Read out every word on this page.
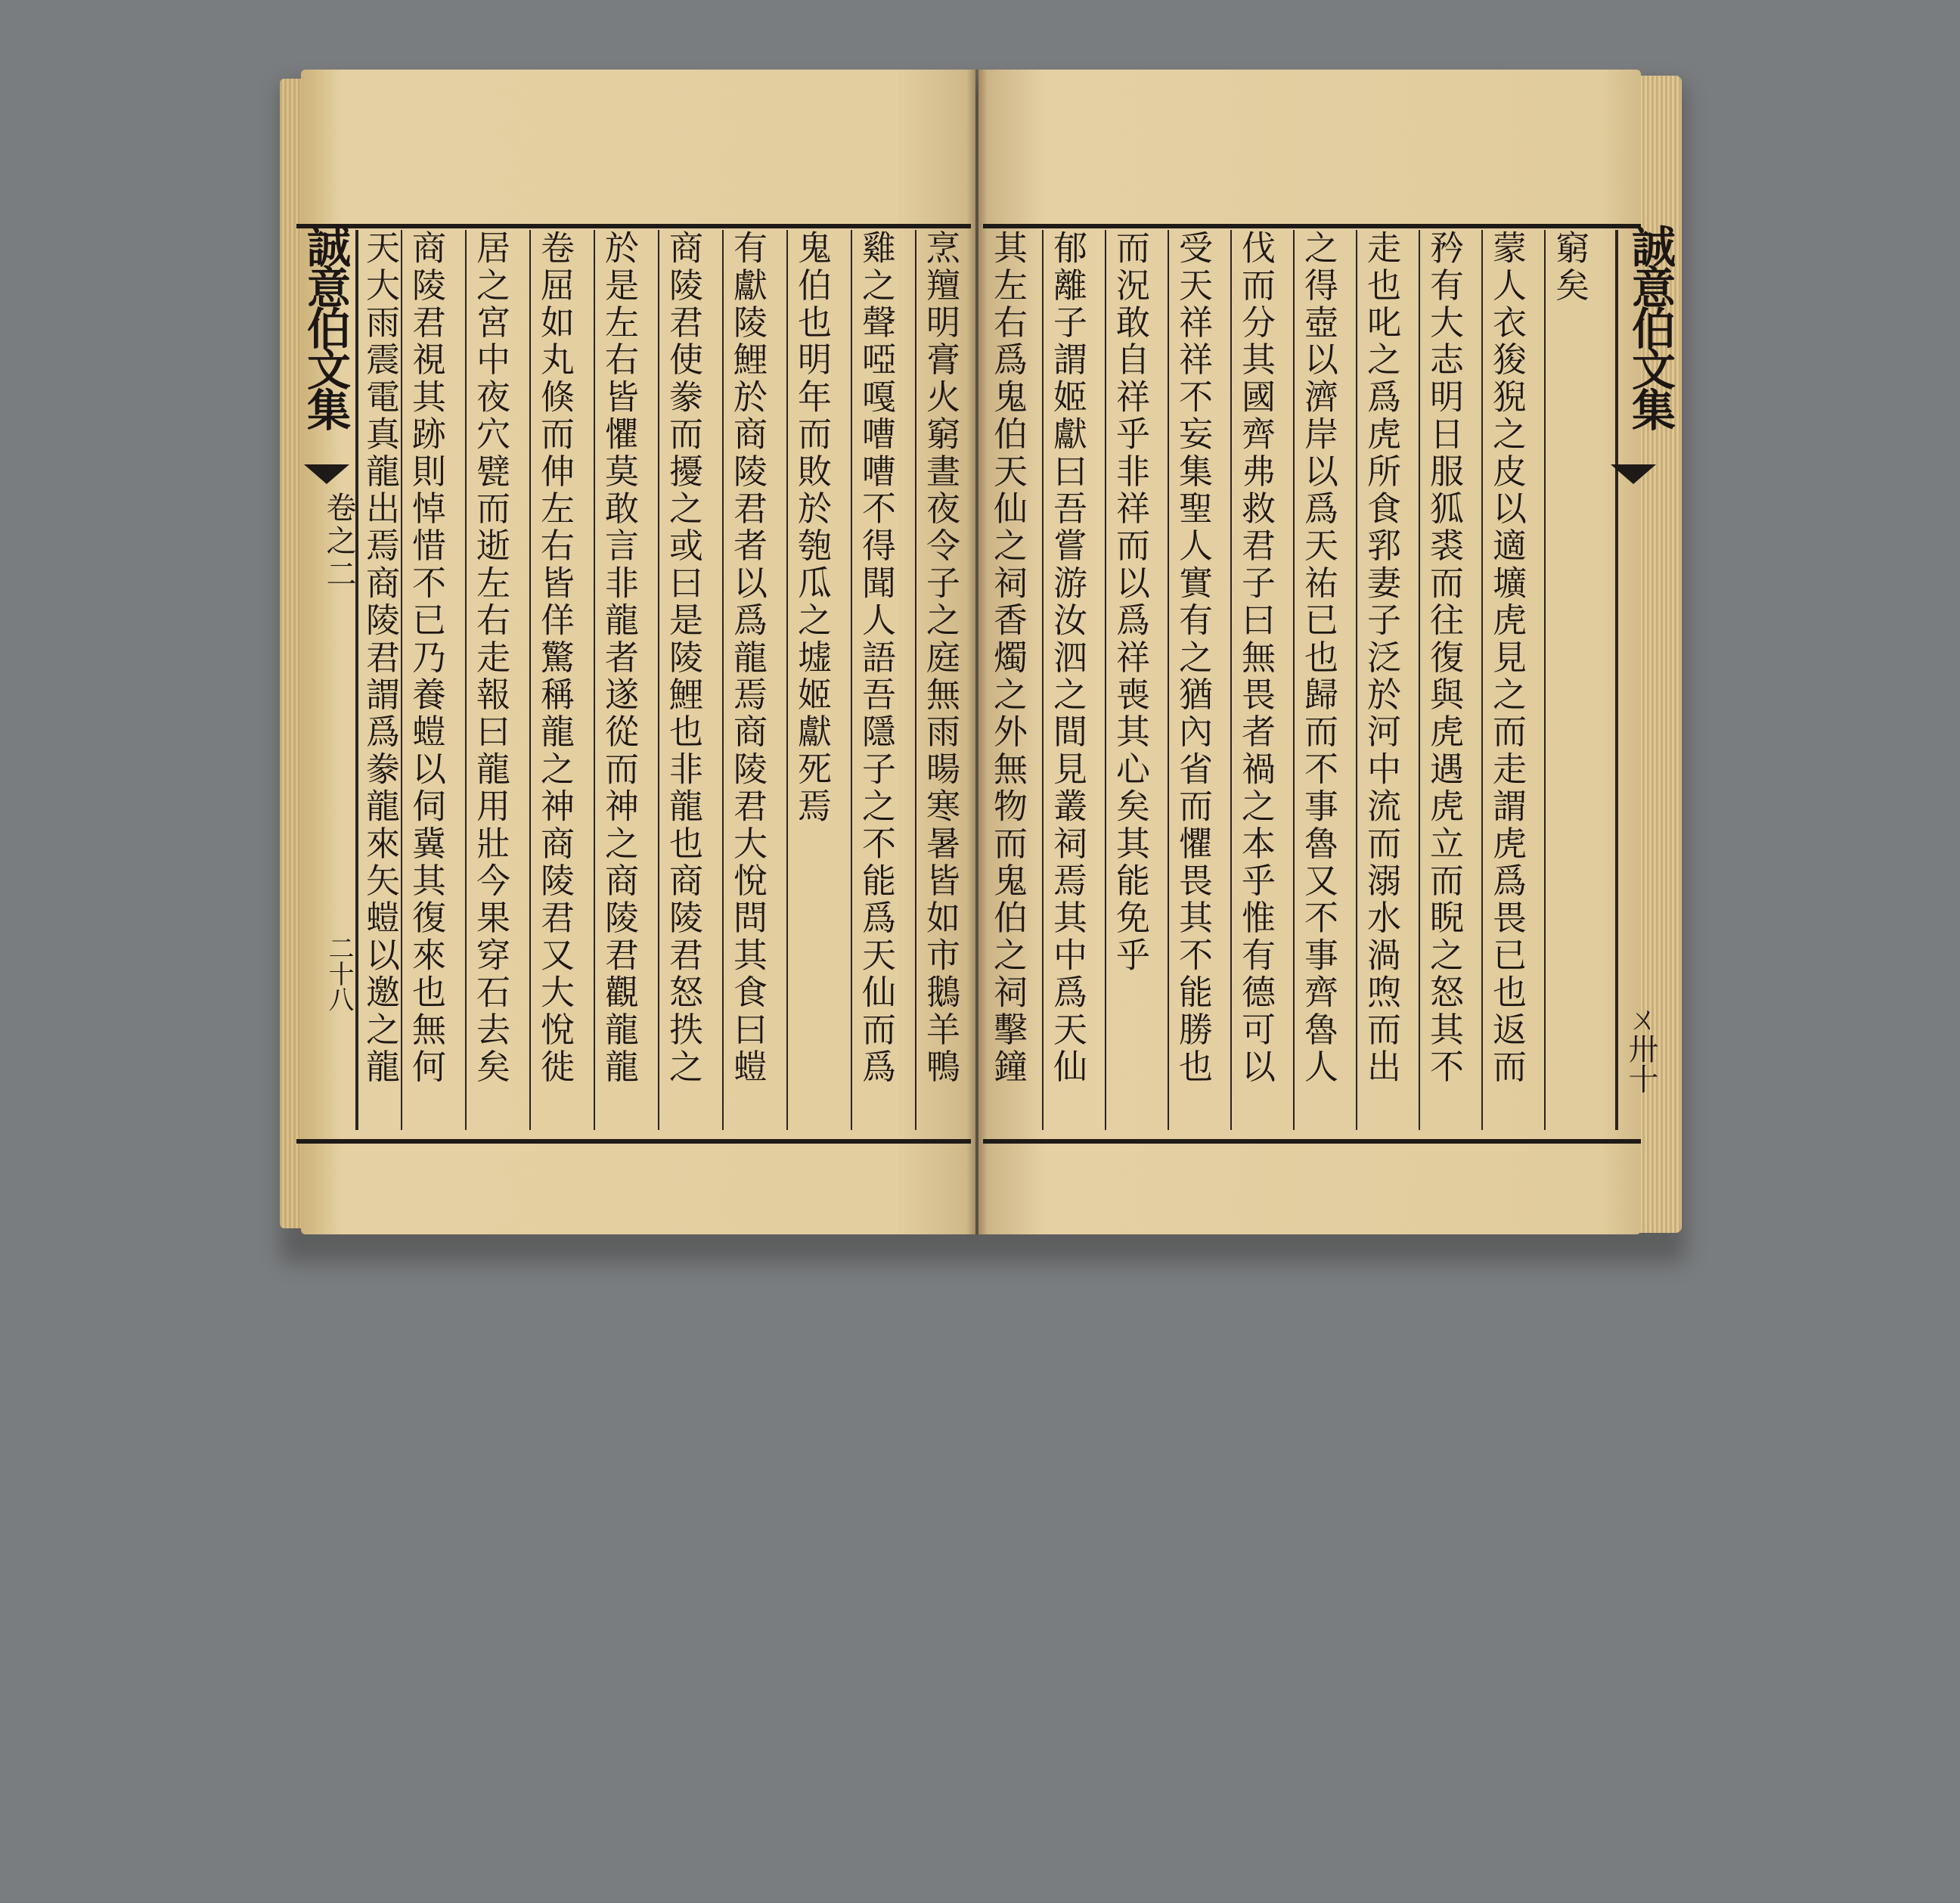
誠意伯文集
卷之二
二十八	烹羶明膏火窮晝夜令子之庭無雨暘寒暑皆如市鵝羊鴨
雞之聲啞嘎嘈嘈不得聞人語吾隱子之不能爲天仙而爲
鬼伯也明年而敗於匏瓜之墟姬獻死焉
有獻陵鯉於商陵君者以爲龍焉商陵君大悅問其食曰螘
商陵君使豢而擾之或曰是陵鯉也非龍也商陵君怒抶之
於是左右皆懼莫敢言非龍者遂從而神之商陵君觀龍龍
卷屈如丸倏而伸左右皆佯驚稱龍之神商陵君又大悅徙
居之宮中夜穴甓而逝左右走報曰龍用壯今果穿石去矣
商陵君視其跡則悼惜不已乃養螘以伺冀其復來也無何
天大雨震電真龍出焉商陵君謂爲豢龍來矢螘以邀之龍	窮矣
蒙人衣狻猊之皮以適壙虎見之而走謂虎爲畏已也返而
矜有大志明日服狐裘而往復與虎遇虎立而睨之怒其不
走也叱之爲虎所食郛妻子泛於河中流而溺水渦喣而出
之得壺以濟岸以爲天祐已也歸而不事魯又不事齊魯人
伐而分其國齊弗救君子曰無畏者禍之本乎惟有德可以
受天祥祥不妄集聖人實有之猶內省而懼畏其不能勝也
而況敢自祥乎非祥而以爲祥喪其心矣其能免乎
郁離子謂姬獻曰吾嘗游汝泗之間見叢祠焉其中爲天仙
其左右爲鬼伯天仙之祠香燭之外無物而鬼伯之祠擊鐘	誠意伯文集
ㄨ卅十
